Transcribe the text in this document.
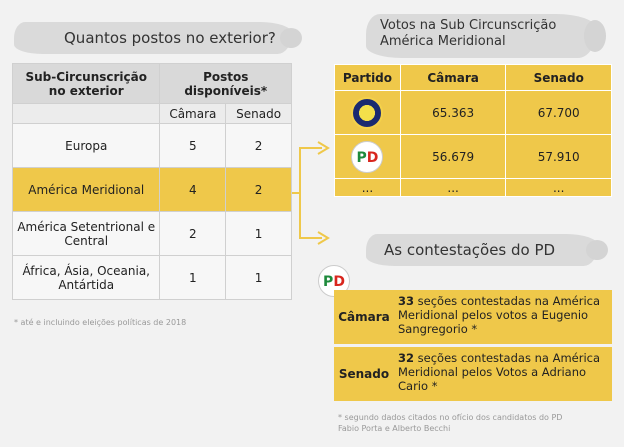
Quantos postos no exterior?
Votos na Sub Circunscrição América Meridional
As contestações do PD
Sub-Circunscrição no exterior	Postos disponíveis*	
	Câmara	Senado
Europa	5	2
América Meridional	4	2
América Setentrional e Central	2	1
África, Ásia, Oceania, Antártida	1	1
* até e incluindo eleições políticas de 2018
Partido	Câmara	Senado
	65.363	67.700
PD	56.679	57.910
...	...	...
PD
Câmara
33 seções contestadas na América Meridional pelos votos a Eugenio Sangregorio *
Senado
32 seções contestadas na América Meridional pelos Votos a Adriano Cario *
* segundo dados citados no ofício dos candidatos do PD
Fabio Porta e Alberto Becchi
